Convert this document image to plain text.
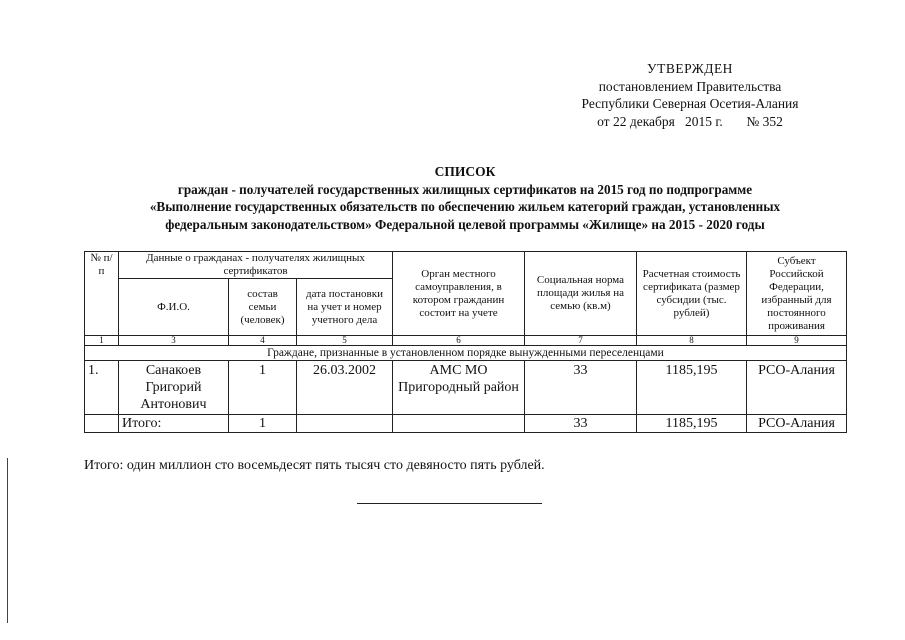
УТВЕРЖДЕН
постановлением Правительства
Республики Северная Осетия-Алания
от 22 декабря   2015 г.       № 352
СПИСОК
граждан - получателей государственных жилищных сертификатов на 2015 год по подпрограмме
«Выполнение государственных обязательств по обеспечению жильем категорий граждан, установленных
федеральным законодательством» Федеральной целевой программы «Жилище» на 2015 - 2020 годы
№ п/п	Данные о гражданах - получателях жилищных сертификатов			Орган местного самоуправления, в котором гражданин состоит на учете	Социальная норма площади жилья на семью (кв.м)	Расчетная стоимость сертификата (размер субсидии (тыс. рублей)	Субъект Российской Федерации, избранный для постоянного проживания
	Ф.И.О.	состав семьи (человек)	дата постановки на учет и номер учетного дела				
1	3	4	5	6	7	8	9
Граждане, признанные в установленном порядке вынужденными переселенцами							
1.	Санакоев Григорий Антонович	1	26.03.2002	АМС МО Пригородный район	33	1185,195	РСО-Алания
	Итого:	1			33	1185,195	РСО-Алания
Итого: один миллион сто восемьдесят пять тысяч сто девяносто пять рублей.
